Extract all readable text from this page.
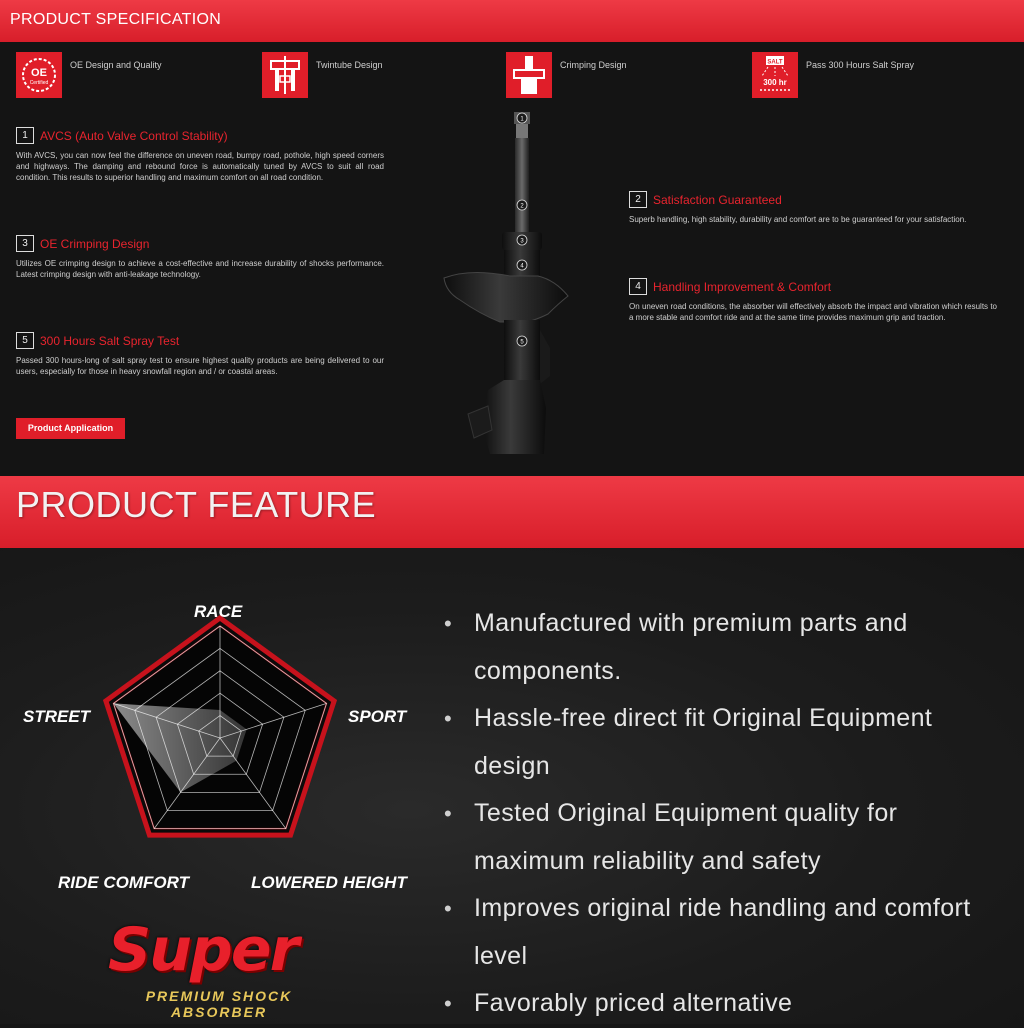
PRODUCT SPECIFICATION
OE
Certified
OE Design and Quality	Twintube Design	Crimping Design	SALT
300 hr
Pass 300 Hours Salt Spray
1	AVCS (Auto Valve Control Stability)
With AVCS, you can now feel the difference on uneven road, bumpy road, pothole, high speed corners and highways. The damping and rebound force is automatically tuned by AVCS to suit all road condition. This results to superior handling and maximum comfort on all road condition.
3	OE Crimping Design
Utilizes OE crimping design to achieve a cost-effective and increase durability of shocks performance. Latest crimping design with anti-leakage technology.
5	300 Hours Salt Spray Test
Passed 300 hours-long of salt spray test to ensure highest quality products are being delivered to our users, especially for those in heavy snowfall region and / or coastal areas.
2	Satisfaction Guaranteed
Superb handling, high stability, durability and comfort are to be guaranteed for your satisfaction.
4	Handling Improvement & Comfort
On uneven road conditions, the absorber will effectively absorb the impact and vibration which results to a more stable and comfort ride and at the same time provides maximum grip and traction.
2
3
4
5
1
Product Application
PRODUCT FEATURE
RACE
SPORT
LOWERED HEIGHT
RIDE COMFORT
STREET
• Manufactured with premium parts and components.
• Hassle-free direct fit Original Equipment design
• Tested Original Equipment quality for maximum reliability and safety
• Improves original ride handling and comfort level
• Favorably priced alternative
Super
PREMIUM SHOCK
ABSORBER
